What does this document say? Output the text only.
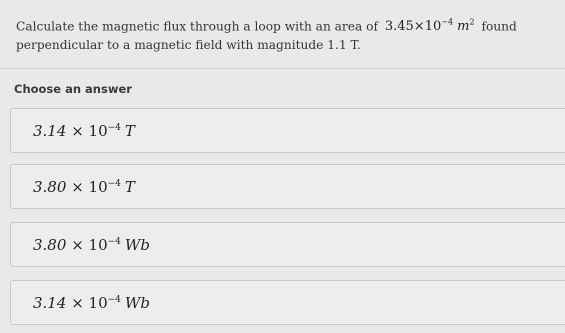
Calculate the magnetic flux through a loop with an area of $3.45\times 10^{-4}$ $m^2$ found perpendicular to a magnetic field with magnitude 1.1 T.
Choose an answer
$3.14 \times 10^{-4}$ T
$3.80 \times 10^{-4}$ T
$3.80 \times 10^{-4}$ Wb
$3.14 \times 10^{-4}$ Wb
